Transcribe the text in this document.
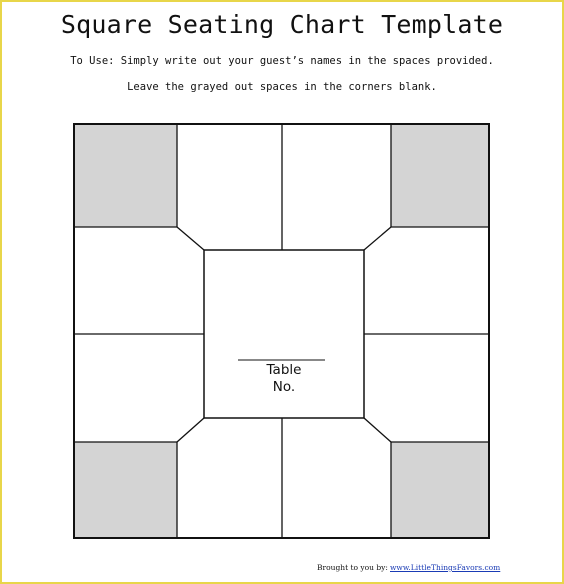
Square Seating Chart Template
To Use: Simply write out your guest’s names in the spaces provided.
Leave the grayed out spaces in the corners blank.
Table
No.
Brought to you by: www.LittleThingsFavors.com
